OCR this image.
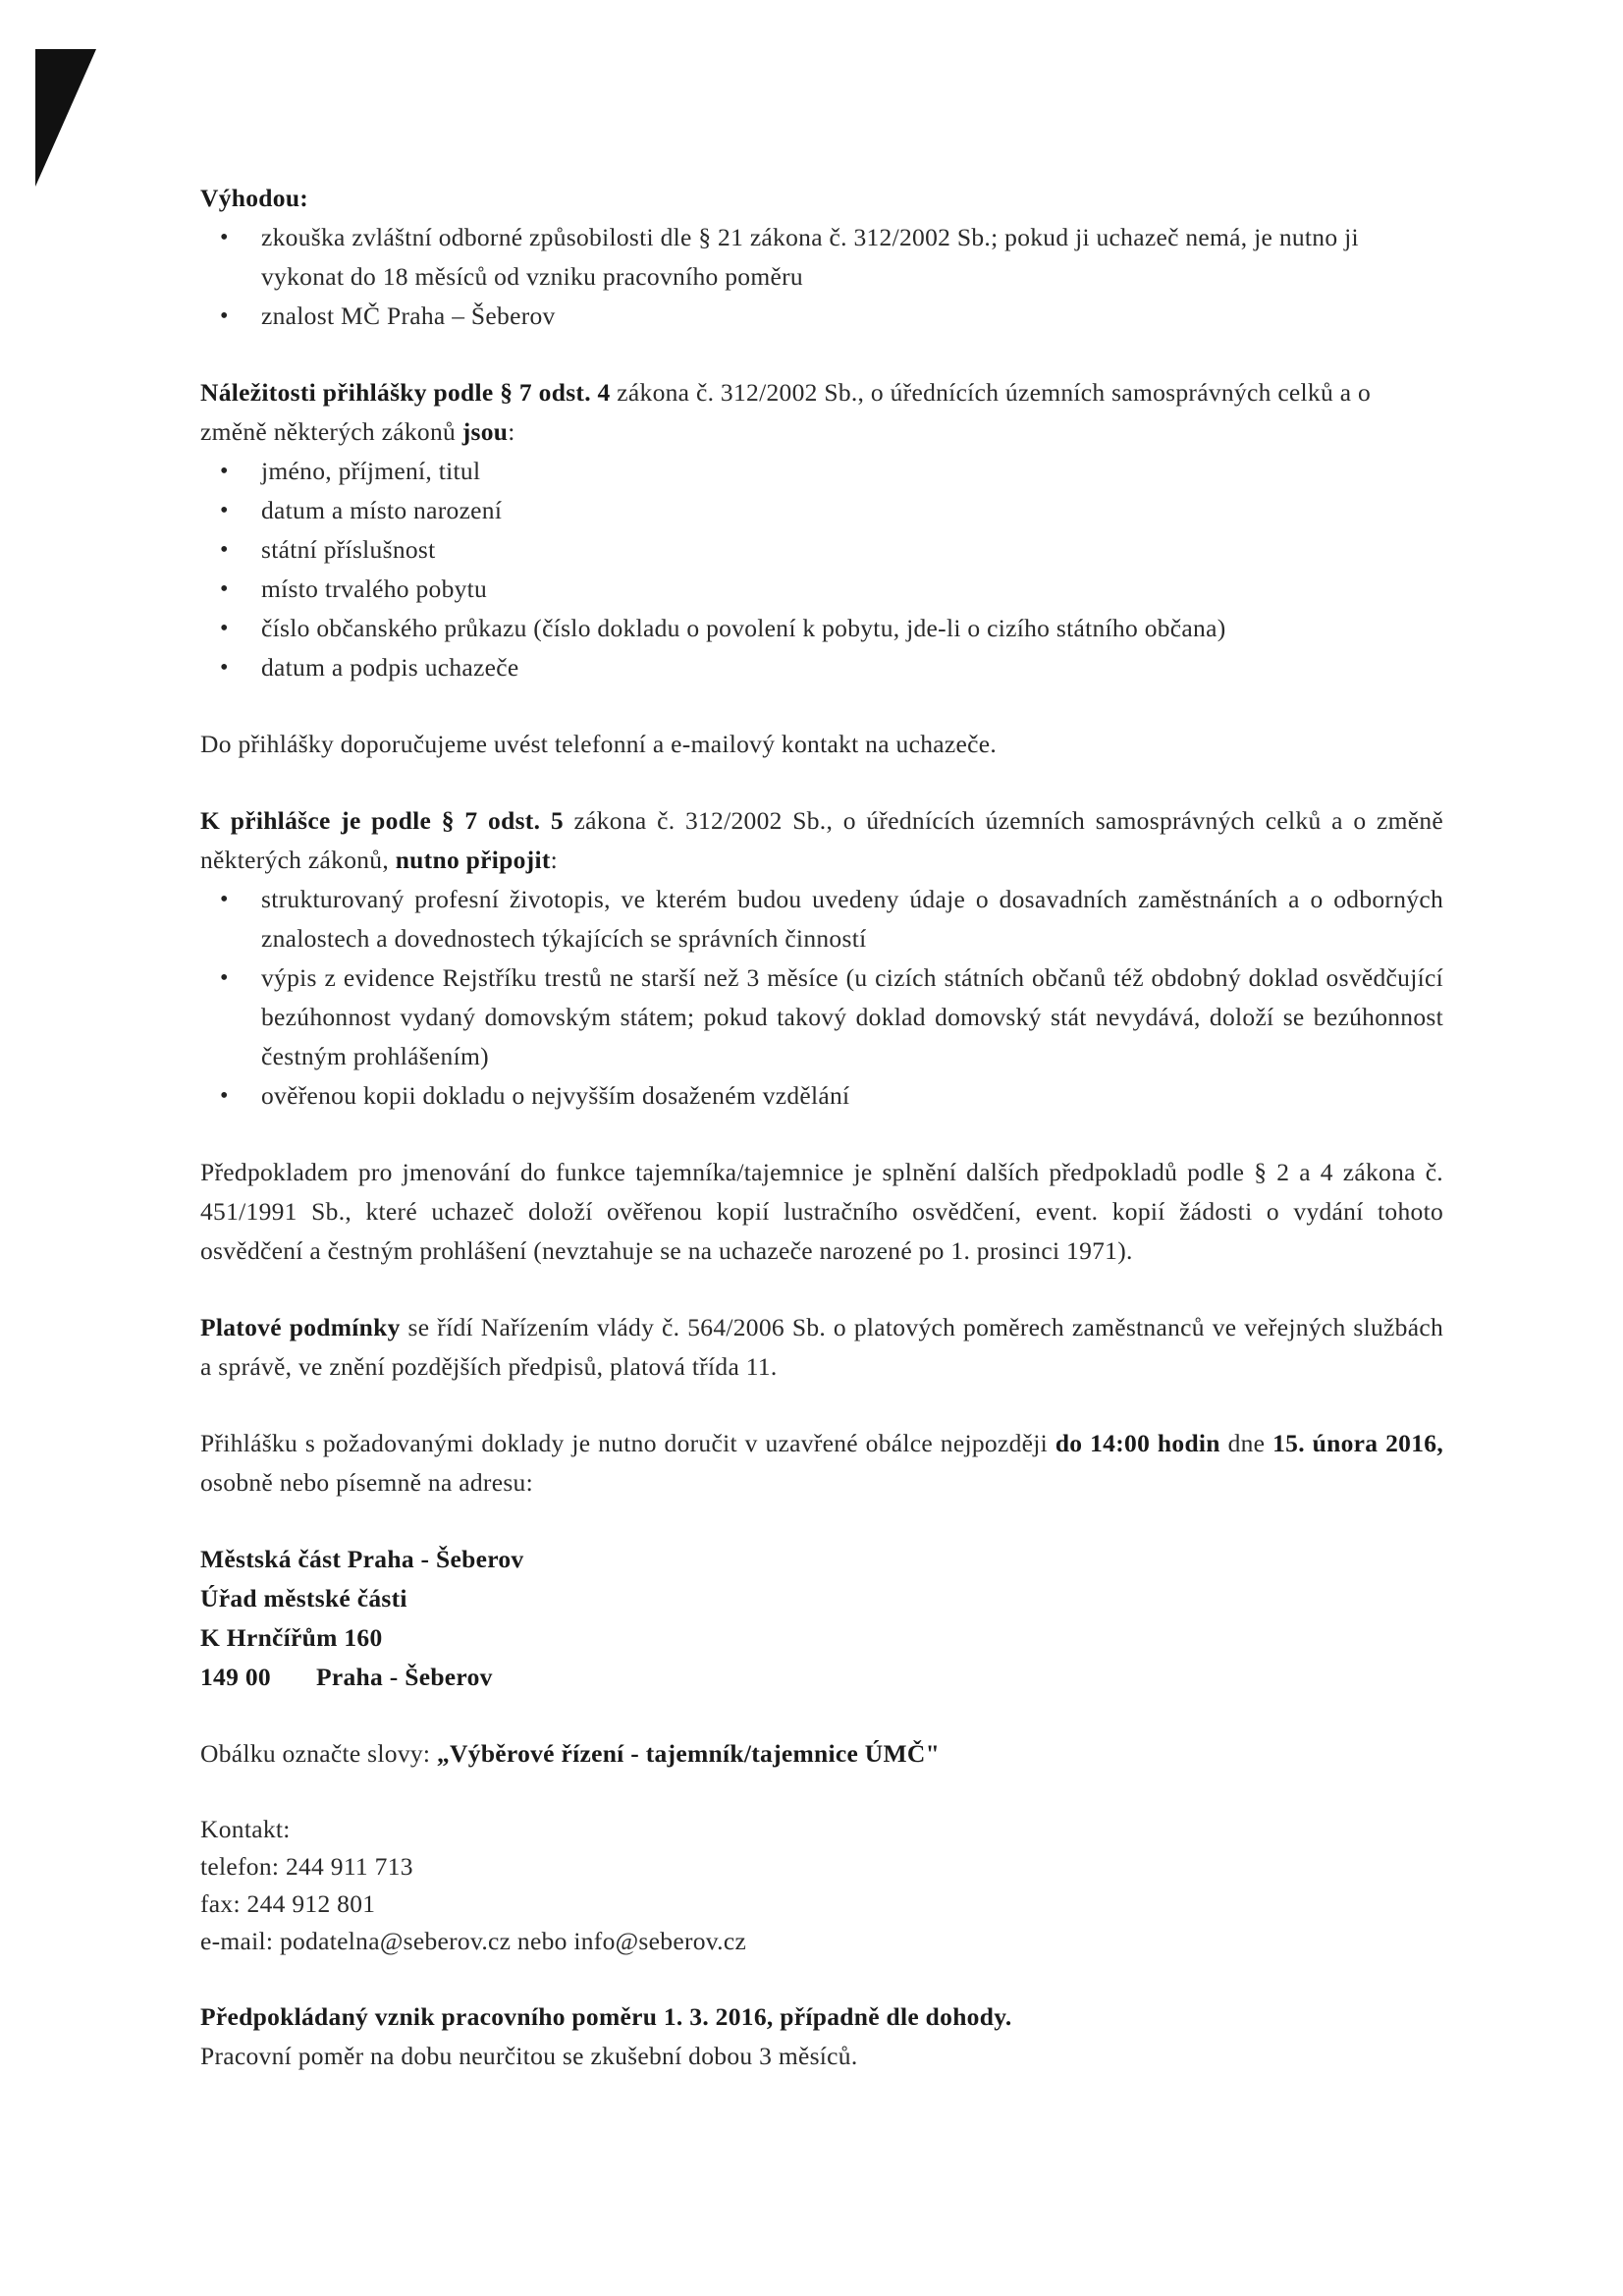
Výhodou:

• zkouška zvláštní odborné způsobilosti dle § 21 zákona č. 312/2002 Sb.; pokud ji uchazeč nemá, je nutno ji vykonat do 18 měsíců od vzniku pracovního poměru
• znalost MČ Praha – Šeberov

Náležitosti přihlášky podle § 7 odst. 4 zákona č. 312/2002 Sb., o úřednících územních samosprávných celků a o změně některých zákonů jsou:

• jméno, příjmení, titul
• datum a místo narození
• státní příslušnost
• místo trvalého pobytu
• číslo občanského průkazu (číslo dokladu o povolení k pobytu, jde-li o cizího státního občana)
• datum a podpis uchazeče

Do přihlášky doporučujeme uvést telefonní a e-mailový kontakt na uchazeče.

K přihlášce je podle § 7 odst. 5 zákona č. 312/2002 Sb., o úřednících územních samosprávných celků a o změně některých zákonů, nutno připojit:

• strukturovaný profesní životopis, ve kterém budou uvedeny údaje o dosavadních zaměstnáních a o odborných znalostech a dovednostech týkajících se správních činností
• výpis z evidence Rejstříku trestů ne starší než 3 měsíce (u cizích státních občanů též obdobný doklad osvědčující bezúhonnost vydaný domovským státem; pokud takový doklad domovský stát nevydává, doloží se bezúhonnost čestným prohlášením)
• ověřenou kopii dokladu o nejvyšším dosaženém vzdělání

Předpokladem pro jmenování do funkce tajemníka/tajemnice je splnění dalších předpokladů podle § 2 a 4 zákona č. 451/1991 Sb., které uchazeč doloží ověřenou kopií lustračního osvědčení, event. kopií žádosti o vydání tohoto osvědčení a čestným prohlášení (nevztahuje se na uchazeče narozené po 1. prosinci 1971).

Platové podmínky se řídí Nařízením vlády č. 564/2006 Sb. o platových poměrech zaměstnanců ve veřejných službách a správě, ve znění pozdějších předpisů, platová třída 11.

Přihlášku s požadovanými doklady je nutno doručit v uzavřené obálce nejpozději do 14:00 hodin dne 15. února 2016, osobně nebo písemně na adresu:

Městská část Praha - Šeberov

Úřad městské části

K Hrnčířům 160

149 00 Praha - Šeberov

Obálku označte slovy: „Výběrové řízení - tajemník/tajemnice ÚMČ"

Kontakt:

telefon: 244 911 713

fax: 244 912 801

e-mail: podatelna@seberov.cz nebo info@seberov.cz

Předpokládaný vznik pracovního poměru 1. 3. 2016, případně dle dohody.

Pracovní poměr na dobu neurčitou se zkušební dobou 3 měsíců.
